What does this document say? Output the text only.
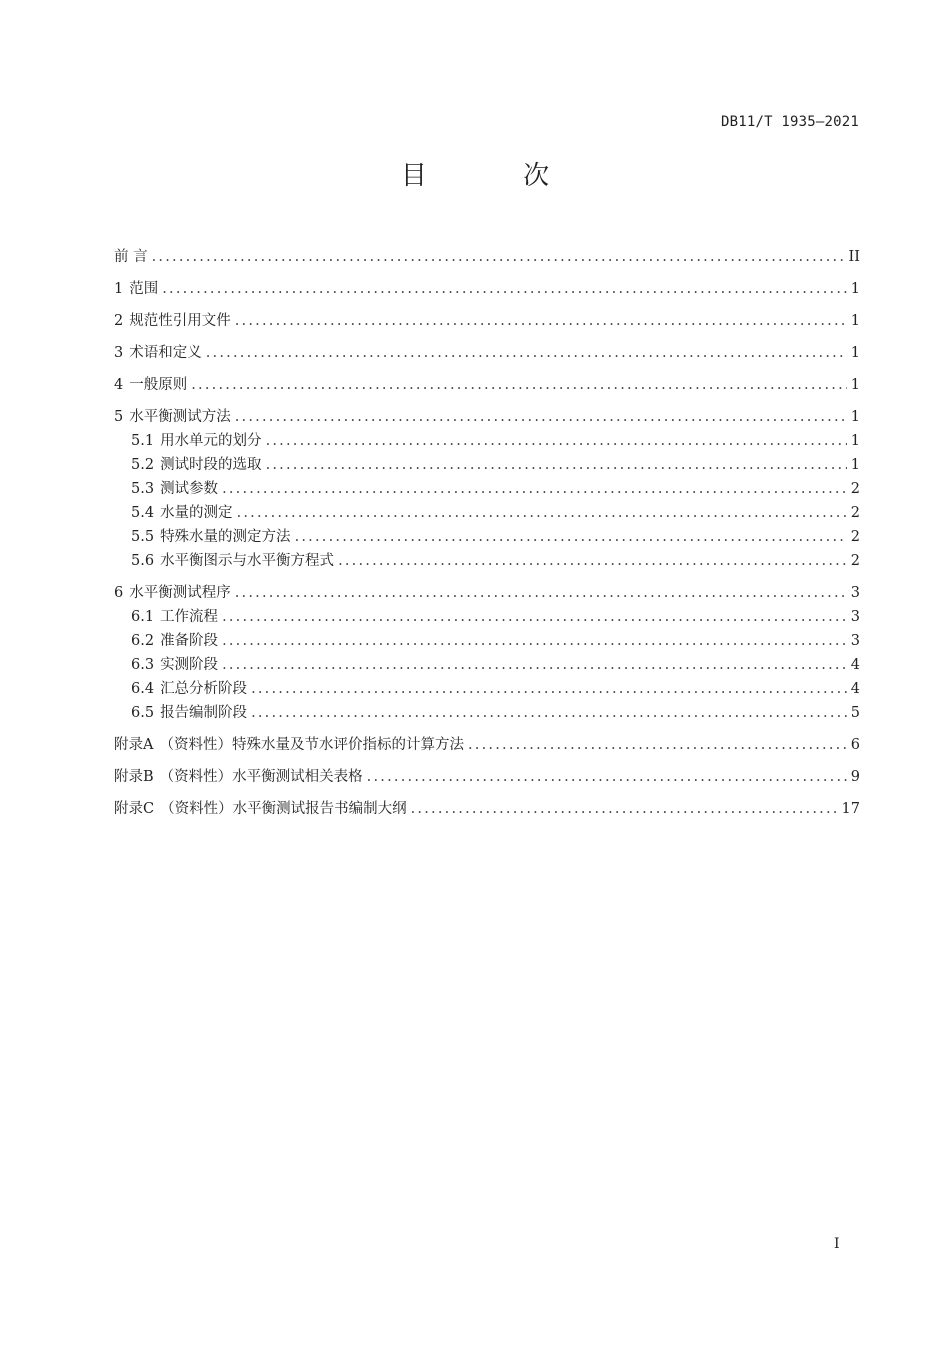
DB11/T 1935—2021
目 次
前 言 .....	II
1 范围 .....	1
2 规范性引用文件 .....	1
3 术语和定义 .....	1
4 一般原则 .....	1
5 水平衡测试方法 .....	1
5.1 用水单元的划分 .....	1
5.2 测试时段的选取 .....	1
5.3 测试参数 .....	2
5.4 水量的测定 .....	2
5.5 特殊水量的测定方法 .....	2
5.6 水平衡图示与水平衡方程式 .....	2
6 水平衡测试程序 .....	3
6.1 工作流程 .....	3
6.2 准备阶段 .....	3
6.3 实测阶段 .....	4
6.4 汇总分析阶段 .....	4
6.5 报告编制阶段 .....	5
附录A （资料性）特殊水量及节水评价指标的计算方法 .....	6
附录B （资料性）水平衡测试相关表格 .....	9
附录C （资料性）水平衡测试报告书编制大纲 .....	17
I
